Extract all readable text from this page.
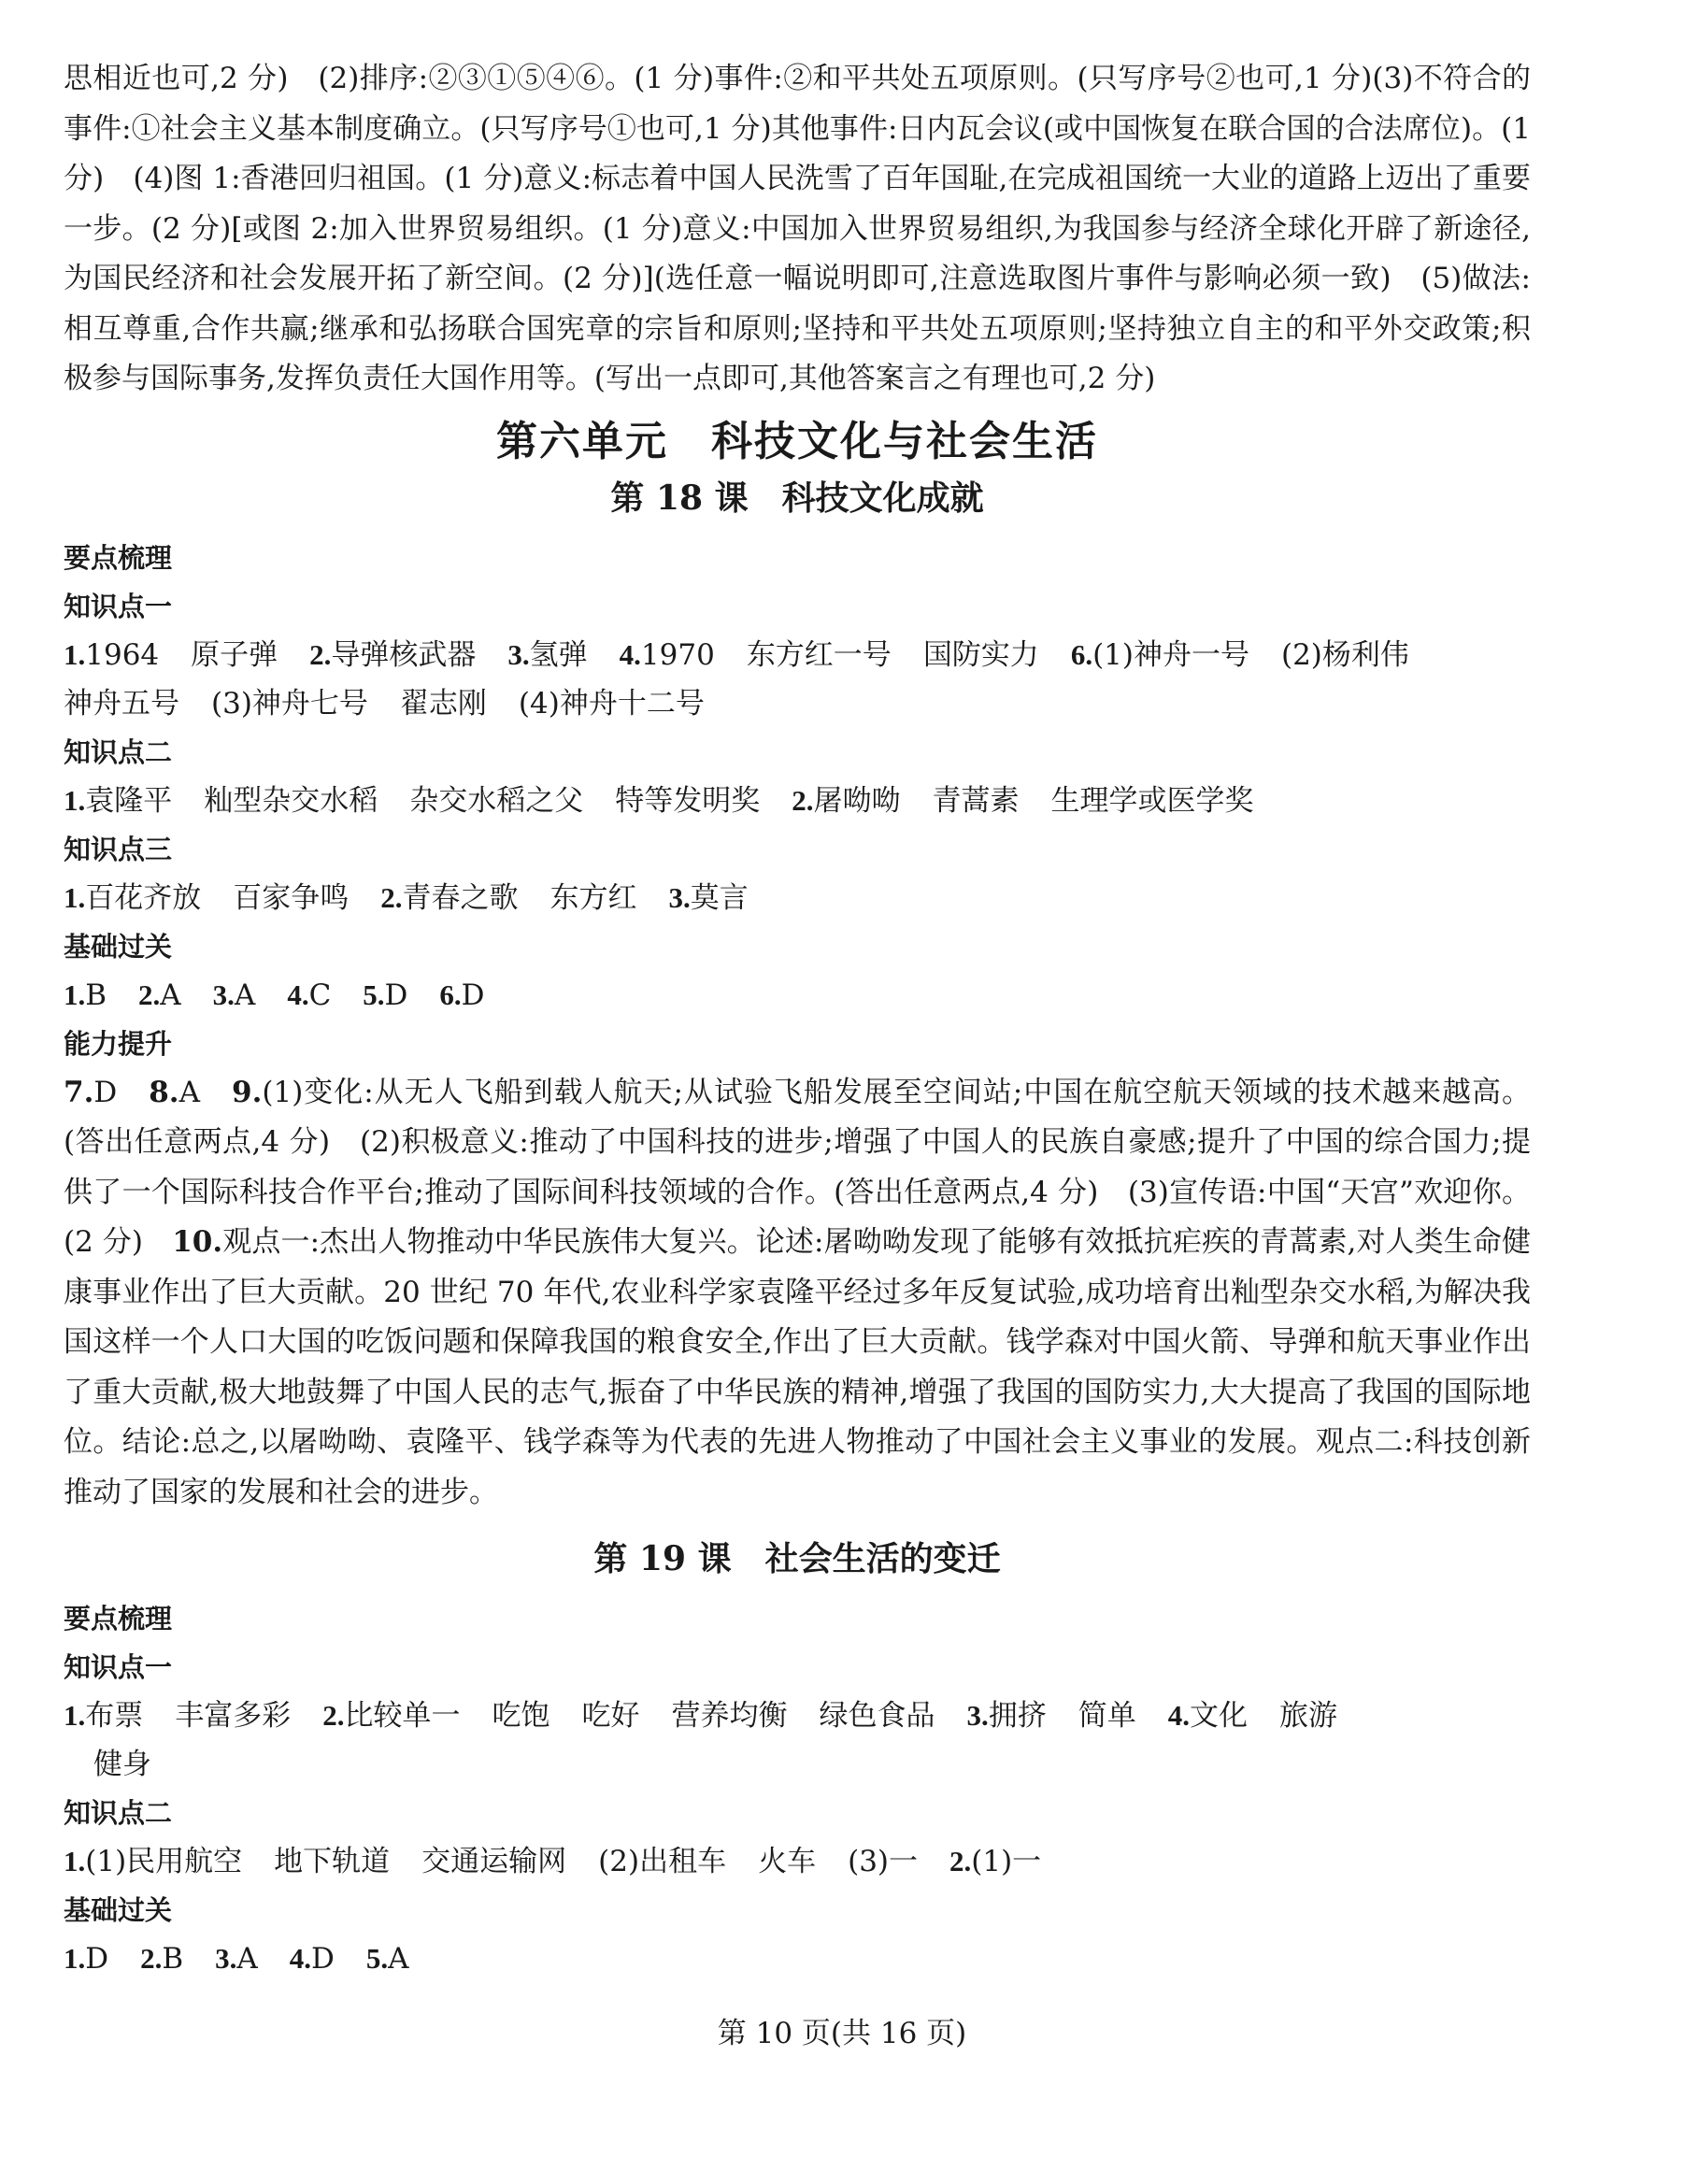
思相近也可,2 分)　(2)排序:②③①⑤④⑥。(1 分)事件:②和平共处五项原则。(只写序号②也可,1 分)(3)不符合的事件:①社会主义基本制度确立。(只写序号①也可,1 分)其他事件:日内瓦会议(或中国恢复在联合国的合法席位)。(1 分)　(4)图 1:香港回归祖国。(1 分)意义:标志着中国人民洗雪了百年国耻,在完成祖国统一大业的道路上迈出了重要一步。(2 分)[或图 2:加入世界贸易组织。(1 分)意义:中国加入世界贸易组织,为我国参与经济全球化开辟了新途径,为国民经济和社会发展开拓了新空间。(2 分)](选任意一幅说明即可,注意选取图片事件与影响必须一致)　(5)做法:相互尊重,合作共赢;继承和弘扬联合国宪章的宗旨和原则;坚持和平共处五项原则;坚持独立自主的和平外交政策;积极参与国际事务,发挥负责任大国作用等。(写出一点即可,其他答案言之有理也可,2 分)

第六单元　科技文化与社会生活
第 18 课　科技文化成就
要点梳理
知识点一
1.1964 原子弹 2.导弹核武器 3.氢弹 4.1970 东方红一号 国防实力 6.(1)神舟一号 (2)杨利伟
神舟五号 (3)神舟七号 翟志刚 (4)神舟十二号
知识点二
1.袁隆平 籼型杂交水稻 杂交水稻之父 特等发明奖 2.屠呦呦 青蒿素 生理学或医学奖
知识点三
1.百花齐放 百家争鸣 2.青春之歌 东方红 3.莫言
基础过关
1.B 2.A 3.A 4.C 5.D 6.D
能力提升

7.D 8.A 9.(1)变化:从无人飞船到载人航天;从试验飞船发展至空间站;中国在航空航天领域的技术越来越高。(答出任意两点,4 分)　(2)积极意义:推动了中国科技的进步;增强了中国人的民族自豪感;提升了中国的综合国力;提供了一个国际科技合作平台;推动了国际间科技领域的合作。(答出任意两点,4 分)　(3)宣传语:中国“天宫”欢迎你。(2 分)　10.观点一:杰出人物推动中华民族伟大复兴。论述:屠呦呦发现了能够有效抵抗疟疾的青蒿素,对人类生命健康事业作出了巨大贡献。20 世纪 70 年代,农业科学家袁隆平经过多年反复试验,成功培育出籼型杂交水稻,为解决我国这样一个人口大国的吃饭问题和保障我国的粮食安全,作出了巨大贡献。钱学森对中国火箭、导弹和航天事业作出了重大贡献,极大地鼓舞了中国人民的志气,振奋了中华民族的精神,增强了我国的国防实力,大大提高了我国的国际地位。结论:总之,以屠呦呦、袁隆平、钱学森等为代表的先进人物推动了中国社会主义事业的发展。观点二:科技创新推动了国家的发展和社会的进步。

第 19 课　社会生活的变迁
要点梳理
知识点一
1.布票 丰富多彩 2.比较单一 吃饱 吃好 营养均衡 绿色食品 3.拥挤 简单 4.文化 旅游
健身
知识点二
1.(1)民用航空 地下轨道 交通运输网 (2)出租车 火车 (3)一 2.(1)一
基础过关
1.D 2.B 3.A 4.D 5.A
第 10 页(共 16 页)
